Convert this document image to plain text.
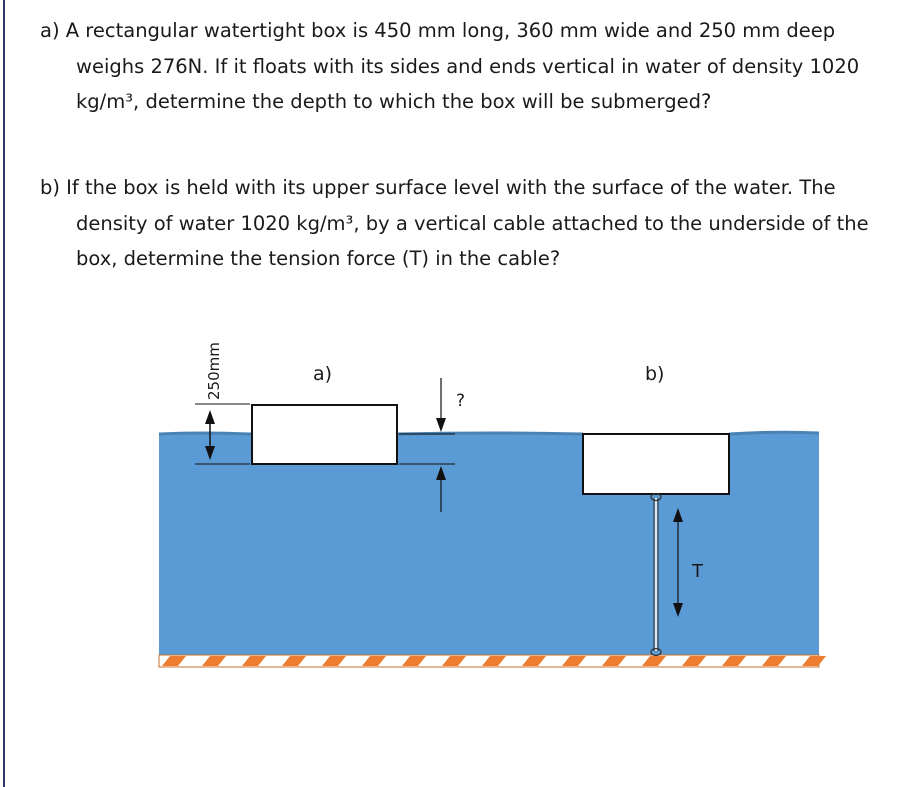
a) A rectangular watertight box is 450 mm long, 360 mm wide and 250 mm deep weighs 276N. If it floats with its sides and ends vertical in water of density 1020 kg/m³, determine the depth to which the box will be submerged?
b) If the box is held with its upper surface level with the surface of the water. The density of water 1020 kg/m³, by a vertical cable attached to the underside of the box, determine the tension force (T) in the cable?
250mm
?
a)	b)
T
